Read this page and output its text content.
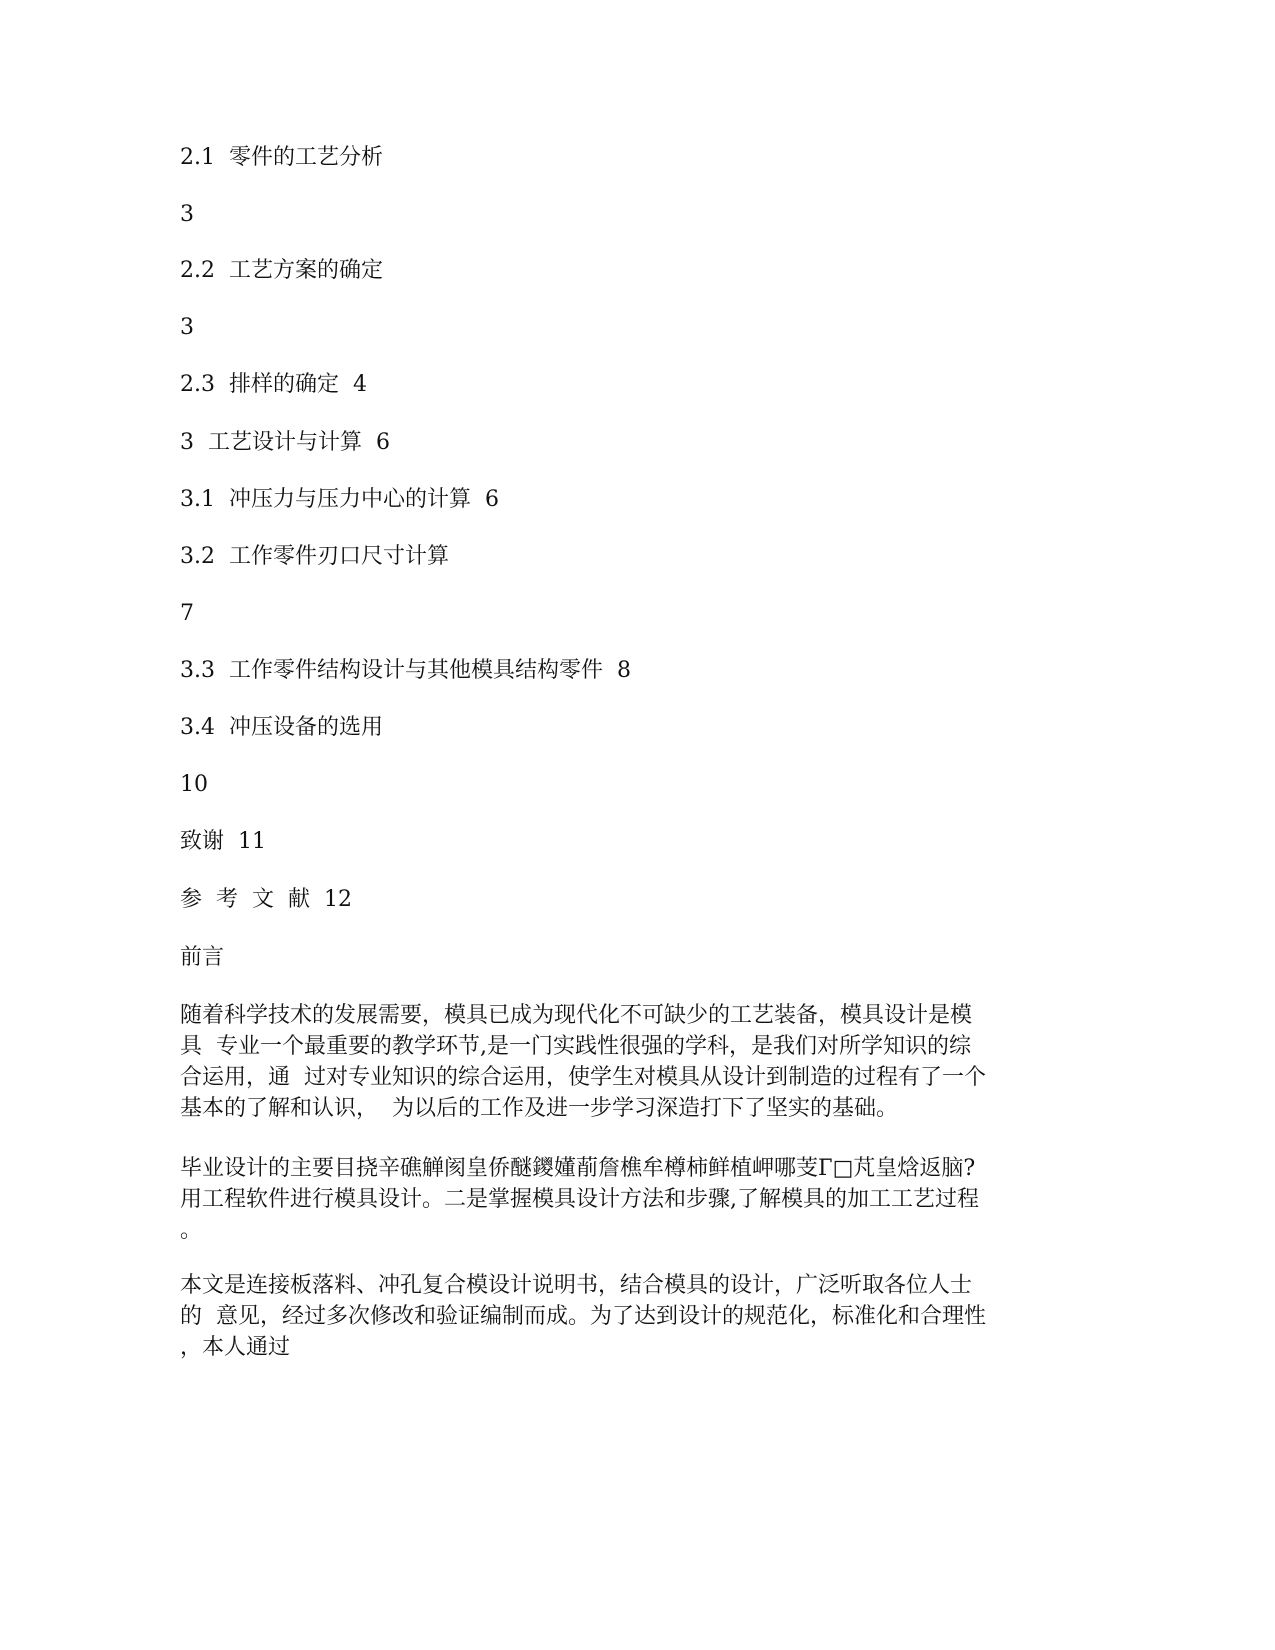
2.1  零件的工艺分析
3
2.2  工艺方案的确定
3
2.3  排样的确定  4
3  工艺设计与计算  6
3.1  冲压力与压力中心的计算  6
3.2  工作零件刃口尺寸计算
7
3.3  工作零件结构设计与其他模具结构零件  8
3.4  冲压设备的选用
10
致谢  11
参  考  文  献  12
前言
随着科学技术的发展需要，模具已成为现代化不可缺少的工艺装备，模具设计是模
具  专业一个最重要的教学环节,是一门实践性很强的学科，是我们对所学知识的综
合运用，通  过对专业知识的综合运用，使学生对模具从设计到制造的过程有了一个
基本的了解和认识，  为以后的工作及进一步学习深造打下了坚实的基础。
毕业设计的主要目挠辛礁觯阂皇侨醚鑁嬞萷詹樵牟樽柿鲜植岬哪芰Г□芃皇焓返脑?
用工程软件进行模具设计。二是掌握模具设计方法和步骤,了解模具的加工工艺过程
。
本文是连接板落料、冲孔复合模设计说明书，结合模具的设计，广泛听取各位人士
的  意见，经过多次修改和验证编制而成。为了达到设计的规范化，标准化和合理性
，本人通过
